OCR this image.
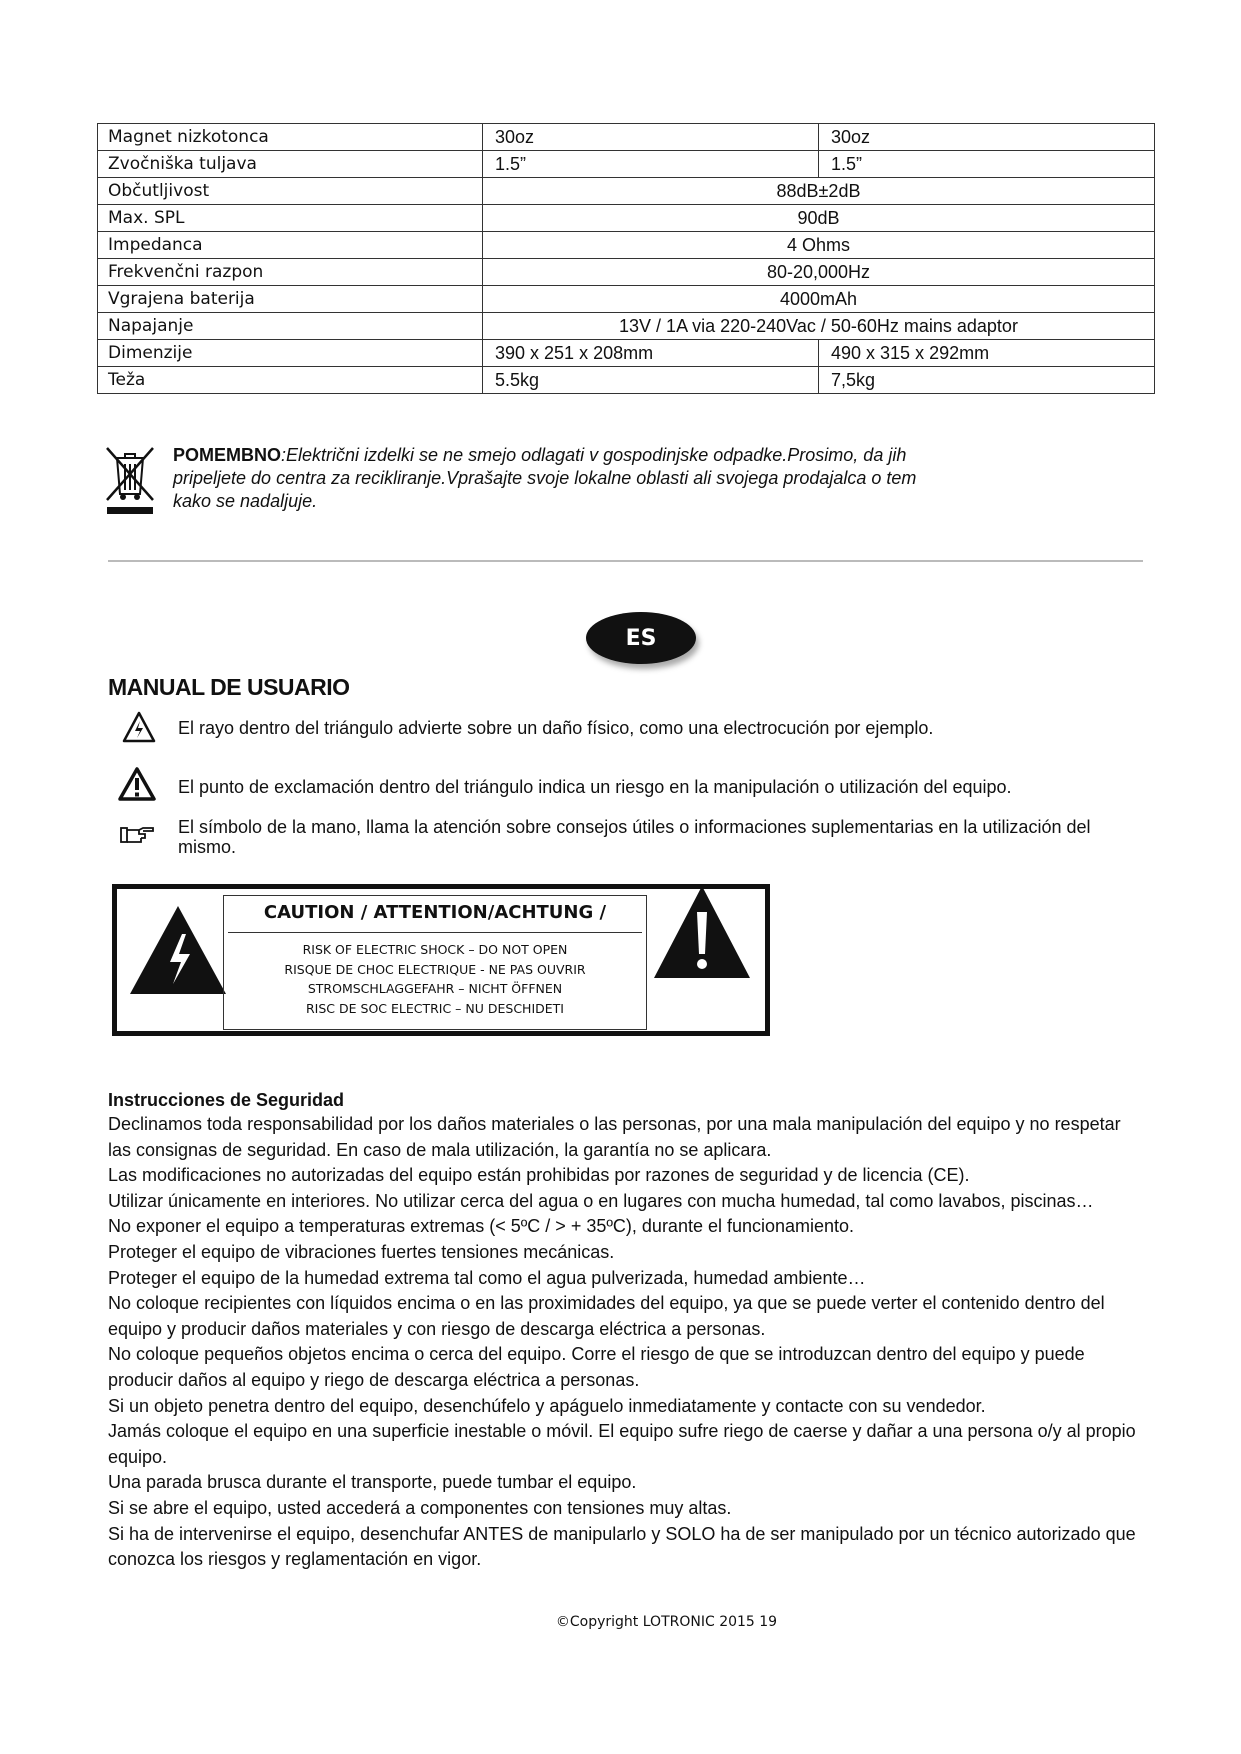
Magnet nizkotonca	30oz	30oz
Zvočniška tuljava	1.5”	1.5”
Občutljivost	88dB±2dB	
Max. SPL	90dB	
Impedanca	4 Ohms	
Frekvenčni razpon	80-20,000Hz	
Vgrajena baterija	4000mAh	
Napajanje	13V / 1A via 220-240Vac / 50-60Hz mains adaptor	
Dimenzije	390 x 251 x 208mm	490 x 315 x 292mm
Teža	5.5kg	7,5kg
POMEMBNO:Električni izdelki se ne smejo odlagati v gospodinjske odpadke.Prosimo, da jih pripeljete do centra za recikliranje.Vprašajte svoje lokalne oblasti ali svojega prodajalca o tem kako se nadaljuje.
ES
MANUAL DE USUARIO
El rayo dentro del triángulo advierte sobre un daño físico, como una electrocución por ejemplo.
El punto de exclamación dentro del triángulo indica un riesgo en la manipulación o utilización del equipo.
El símbolo de la mano, llama la atención sobre consejos útiles o informaciones suplementarias en la utilización del mismo.
CAUTION / ATTENTION/ACHTUNG /
RISK OF ELECTRIC SHOCK – DO NOT OPEN
RISQUE DE CHOC ELECTRIQUE - NE PAS OUVRIR
STROMSCHLAGGEFAHR – NICHT ÖFFNEN
RISC DE SOC ELECTRIC – NU DESCHIDETI
Instrucciones de Seguridad
Declinamos toda responsabilidad por los daños materiales o las personas, por una mala manipulación del equipo y no respetar las consignas de seguridad. En caso de mala utilización, la garantía no se aplicara.
Las modificaciones no autorizadas del equipo están prohibidas por razones de seguridad y de licencia (CE).
Utilizar únicamente en interiores. No utilizar cerca del agua o en lugares con mucha humedad, tal como lavabos, piscinas…
No exponer el equipo a temperaturas extremas (< 5ºC / > + 35ºC), durante el funcionamiento.
Proteger el equipo de vibraciones fuertes tensiones mecánicas.
Proteger el equipo de la humedad extrema tal como el agua pulverizada, humedad ambiente…
No coloque recipientes con líquidos encima o en las proximidades del equipo, ya que se puede verter el contenido dentro del equipo y producir daños materiales y con riesgo de descarga eléctrica a personas.
No coloque pequeños objetos encima o cerca del equipo. Corre el riesgo de que se introduzcan dentro del equipo y puede producir daños al equipo y riego de descarga eléctrica a personas.
Si un objeto penetra dentro del equipo, desenchúfelo y apáguelo inmediatamente y contacte con su vendedor.
Jamás coloque el equipo en una superficie inestable o móvil. El equipo sufre riego de caerse y dañar a una persona o/y al propio equipo.
Una parada brusca durante el transporte, puede tumbar el equipo.
Si se abre el equipo, usted accederá a componentes con tensiones muy altas.
Si ha de intervenirse el equipo, desenchufar ANTES de manipularlo y SOLO ha de ser manipulado por un técnico autorizado que conozca los riesgos y reglamentación en vigor.
©Copyright LOTRONIC 2015 19
